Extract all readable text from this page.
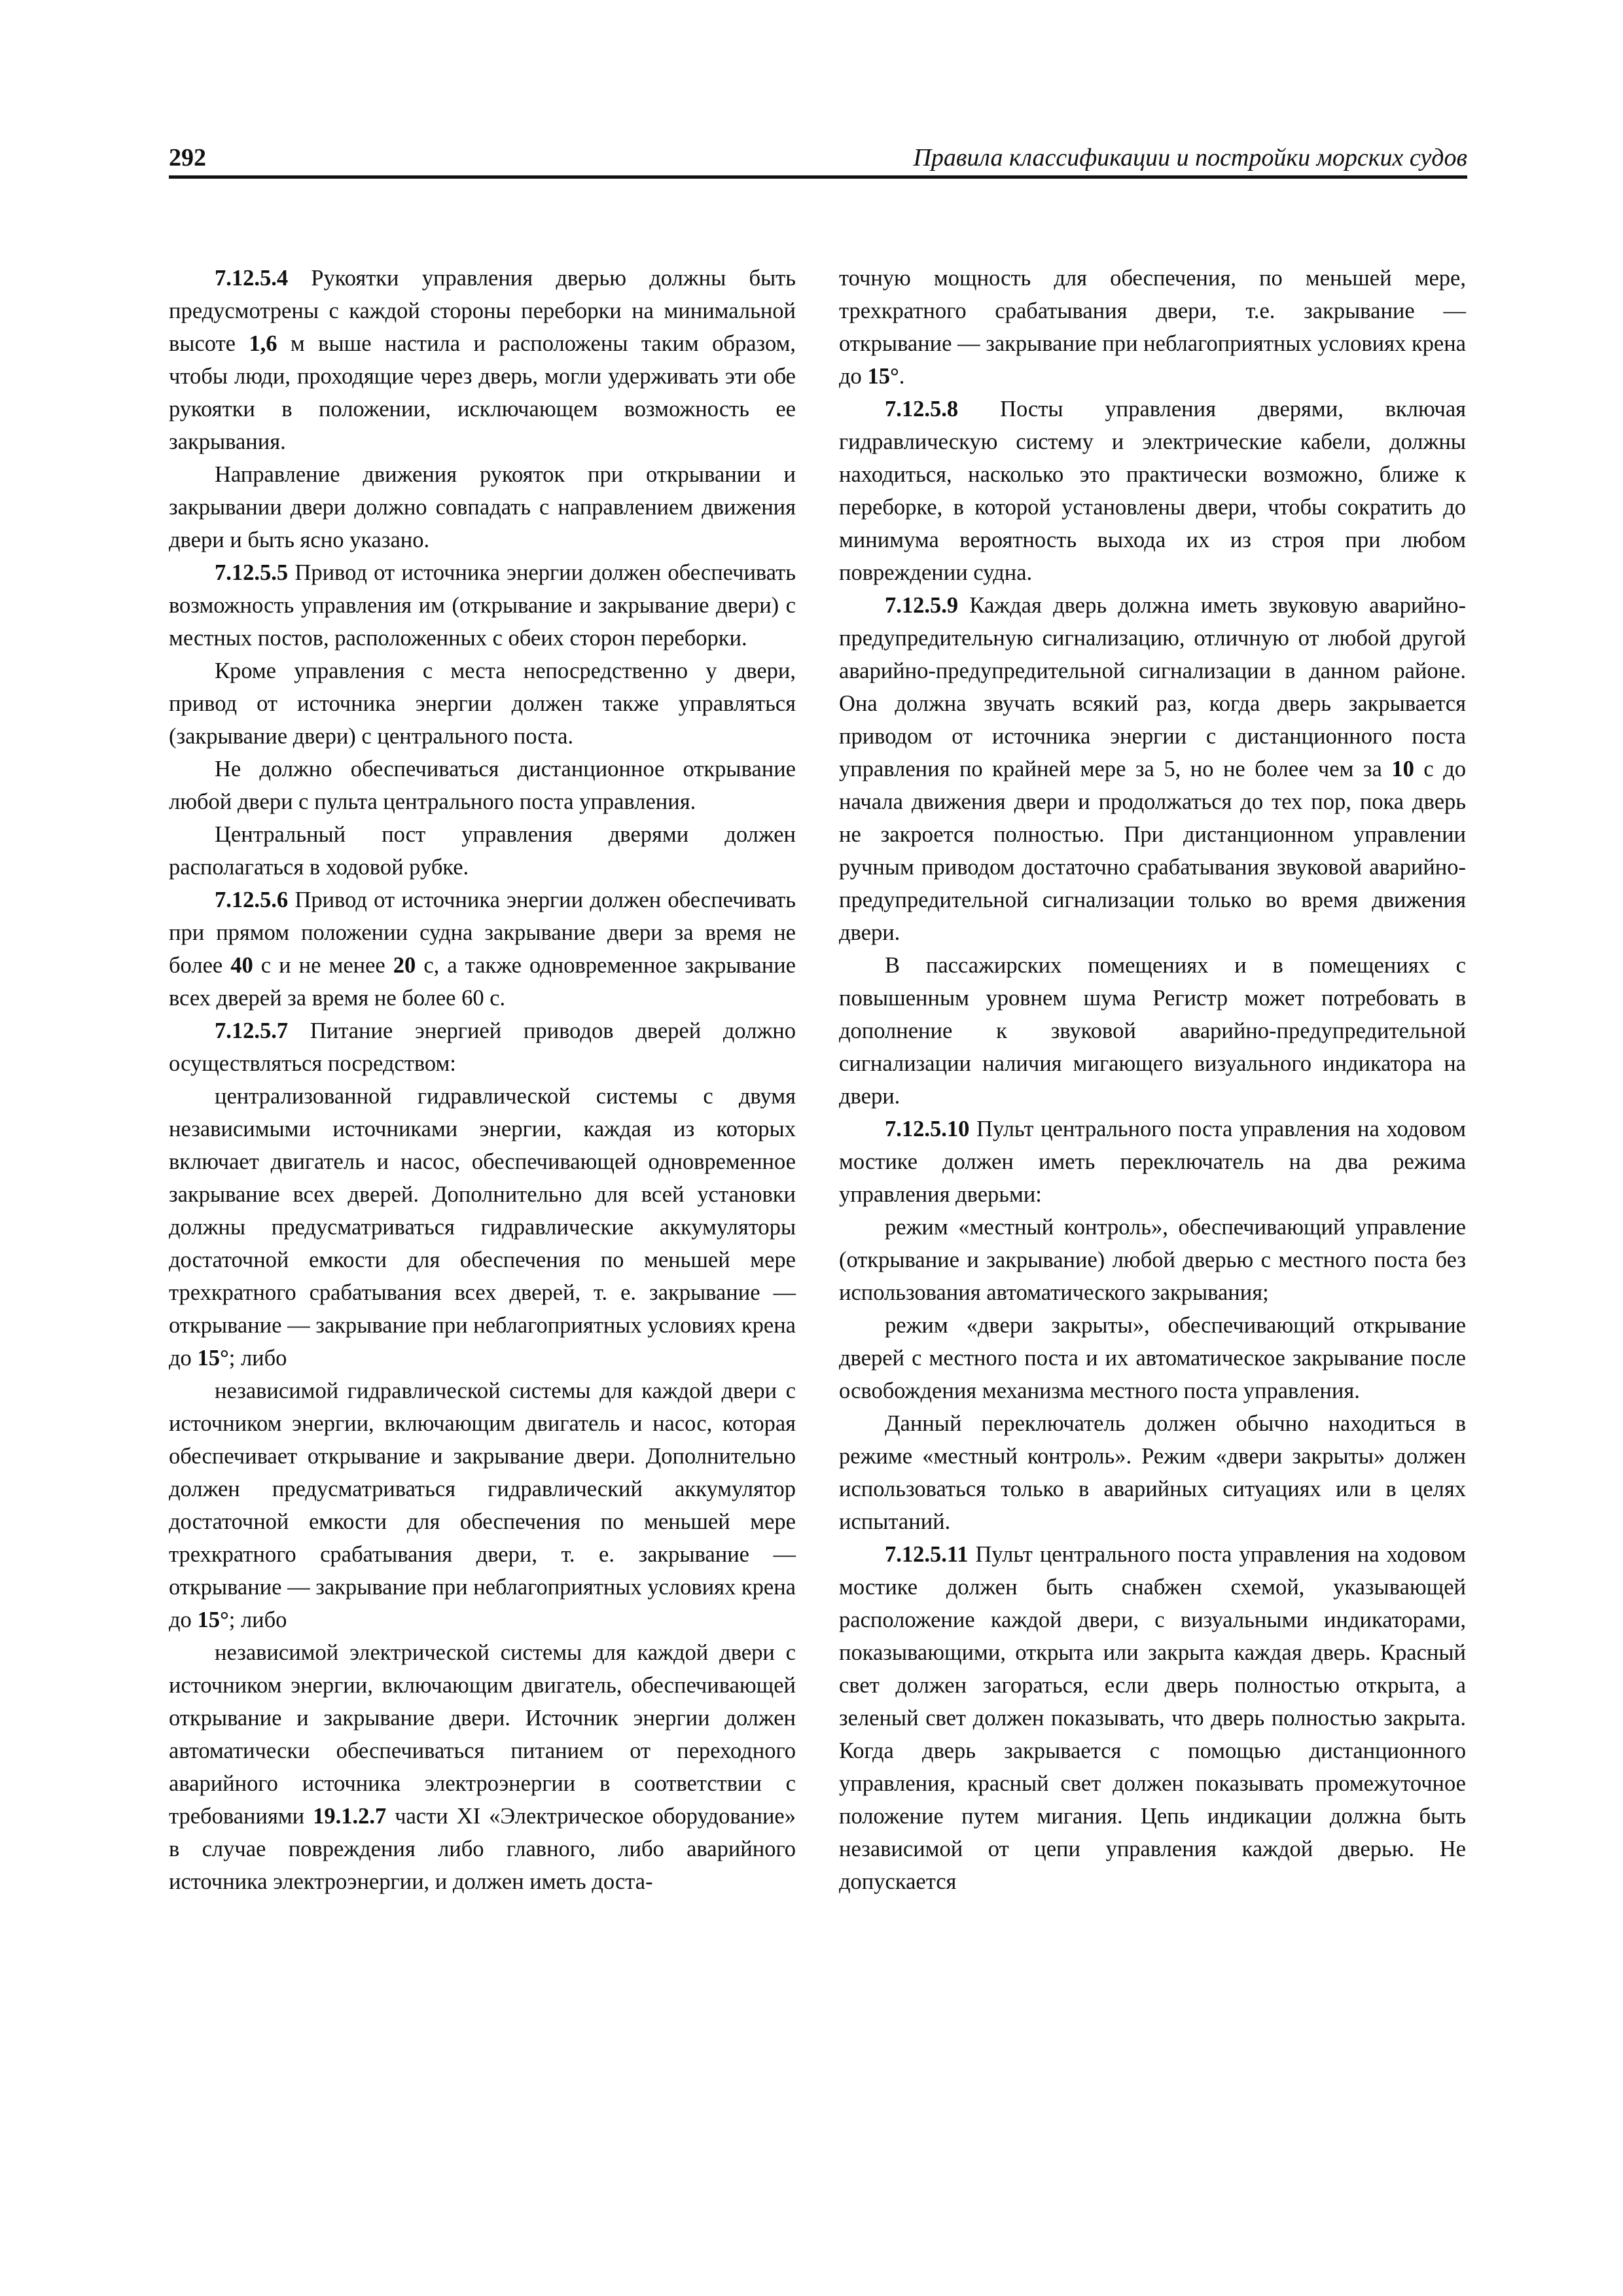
292	Правила классификации и постройки морских судов

7.12.5.4 Рукоятки управления дверью должны быть предусмотрены с каждой стороны переборки на минимальной высоте 1,6 м выше настила и расположены таким образом, чтобы люди, проходящие через дверь, могли удерживать эти обе рукоятки в положении, исключающем возможность ее закрывания.

Направление движения рукояток при открывании и закрывании двери должно совпадать с направлением движения двери и быть ясно указано.

7.12.5.5 Привод от источника энергии должен обеспечивать возможность управления им (открывание и закрывание двери) с местных постов, расположенных с обеих сторон переборки.

Кроме управления с места непосредственно у двери, привод от источника энергии должен также управляться (закрывание двери) с центрального поста.

Не должно обеспечиваться дистанционное открывание любой двери с пульта центрального поста управления.

Центральный пост управления дверями должен располагаться в ходовой рубке.

7.12.5.6 Привод от источника энергии должен обеспечивать при прямом положении судна закрывание двери за время не более 40 с и не менее 20 с, а также одновременное закрывание всех дверей за время не более 60 с.

7.12.5.7 Питание энергией приводов дверей должно осуществляться посредством:

централизованной гидравлической системы с двумя независимыми источниками энергии, каждая из которых включает двигатель и насос, обеспечивающей одновременное закрывание всех дверей. Дополнительно для всей установки должны предусматриваться гидравлические аккумуляторы достаточной емкости для обеспечения по меньшей мере трехкратного срабатывания всех дверей, т. е. закрывание — открывание — закрывание при неблагоприятных условиях крена до 15°; либо

независимой гидравлической системы для каждой двери с источником энергии, включающим двигатель и насос, которая обеспечивает открывание и закрывание двери. Дополнительно должен предусматриваться гидравлический аккумулятор достаточной емкости для обеспечения по меньшей мере трехкратного срабатывания двери, т. е. закрывание — открывание — закрывание при неблагоприятных условиях крена до 15°; либо

независимой электрической системы для каждой двери с источником энергии, включающим двигатель, обеспечивающей открывание и закрывание двери. Источник энергии должен автоматически обеспечиваться питанием от переходного аварийного источника электроэнергии в соответствии с требованиями 19.1.2.7 части XI «Электрическое оборудование» в случае повреждения либо главного, либо аварийного источника электроэнергии, и должен иметь доста-

точную мощность для обеспечения, по меньшей мере, трехкратного срабатывания двери, т.е. закрывание — открывание — закрывание при неблагоприятных условиях крена до 15°.

7.12.5.8 Посты управления дверями, включая гидравлическую систему и электрические кабели, должны находиться, насколько это практически возможно, ближе к переборке, в которой установлены двери, чтобы сократить до минимума вероятность выхода их из строя при любом повреждении судна.

7.12.5.9 Каждая дверь должна иметь звуковую аварийно-предупредительную сигнализацию, отличную от любой другой аварийно-предупредительной сигнализации в данном районе. Она должна звучать всякий раз, когда дверь закрывается приводом от источника энергии с дистанционного поста управления по крайней мере за 5, но не более чем за 10 с до начала движения двери и продолжаться до тех пор, пока дверь не закроется полностью. При дистанционном управлении ручным приводом достаточно срабатывания звуковой аварийно-предупредительной сигнализации только во время движения двери.

В пассажирских помещениях и в помещениях с повышенным уровнем шума Регистр может потребовать в дополнение к звуковой аварийно-предупредительной сигнализации наличия мигающего визуального индикатора на двери.

7.12.5.10 Пульт центрального поста управления на ходовом мостике должен иметь переключатель на два режима управления дверьми:

режим «местный контроль», обеспечивающий управление (открывание и закрывание) любой дверью с местного поста без использования автоматического закрывания;

режим «двери закрыты», обеспечивающий открывание дверей с местного поста и их автоматическое закрывание после освобождения механизма местного поста управления.

Данный переключатель должен обычно находиться в режиме «местный контроль». Режим «двери закрыты» должен использоваться только в аварийных ситуациях или в целях испытаний.

7.12.5.11 Пульт центрального поста управления на ходовом мостике должен быть снабжен схемой, указывающей расположение каждой двери, с визуальными индикаторами, показывающими, открыта или закрыта каждая дверь. Красный свет должен загораться, если дверь полностью открыта, а зеленый свет должен показывать, что дверь полностью закрыта. Когда дверь закрывается с помощью дистанционного управления, красный свет должен показывать промежуточное положение путем мигания. Цепь индикации должна быть независимой от цепи управления каждой дверью. Не допускается
